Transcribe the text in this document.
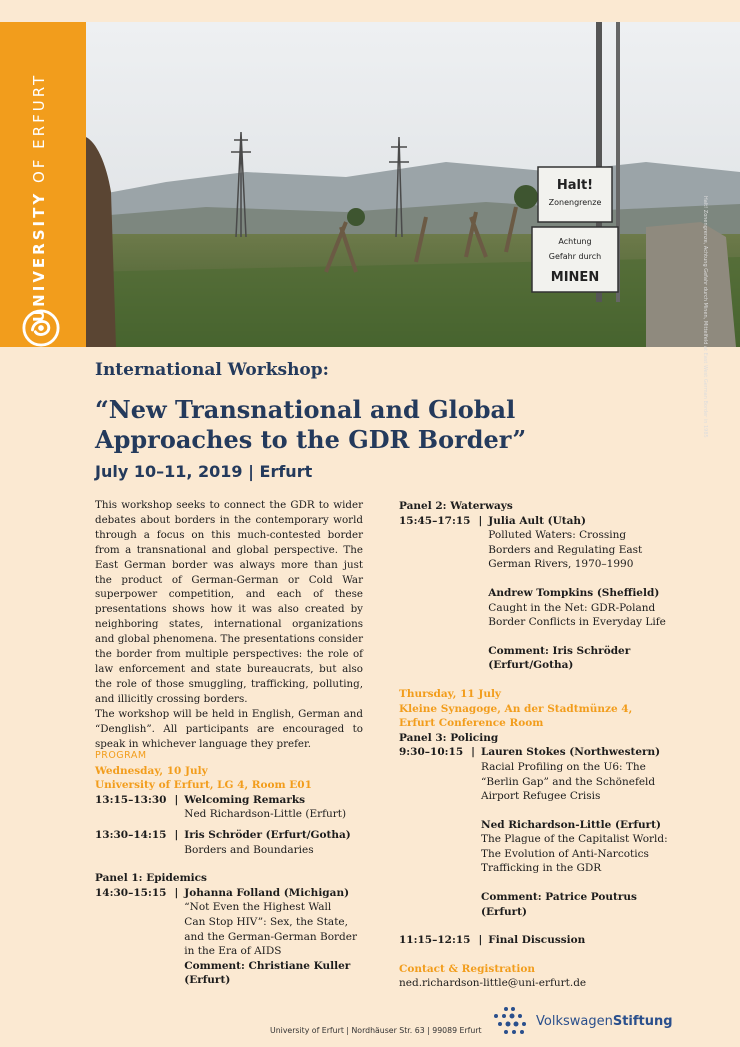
UNIVERSITY OF ERFURT
Halt!
Zonengrenze
Achtung
Gefahr durch
MINEN	Halt! Zonengrenze, Achtung Gefahr durch Minen, Mittelfeld at East West German Border in 1985
International Workshop:
“New Transnational and Global
Approaches to the GDR Border”
July 10–11, 2019 | Erfurt

This workshop seeks to connect the GDR to wider debates about borders in the contemporary world through a focus on this much-contested border from a transnational and global perspective. The East German border was always more than just the product of German-German or Cold War superpower competition, and each of these presentations shows how it was also created by neighboring states, international organizations and global phenomena. The presentations consider the border from multiple perspectives: the role of law enforcement and state bureaucrats, but also the role of those smuggling, trafficking, polluting, and illicitly crossing borders.

The workshop will be held in English, German and “Denglish”. All participants are encouraged to speak in whichever language they prefer.

PROGRAM
Wednesday, 10 July
University of Erfurt, LG 4, Room E01
13:15–13:30 | Welcoming Remarks
Ned Richardson-Little (Erfurt)
13:30–14:15 | Iris Schröder (Erfurt/Gotha)
Borders and Boundaries
Panel 1: Epidemics
14:30–15:15 | Johanna Folland (Michigan)
“Not Even the Highest Wall
Can Stop HIV”: Sex, the State,
and the German-German Border
in the Era of AIDS
Comment: Christiane Kuller
(Erfurt)
Panel 2: Waterways
15:45–17:15 | Julia Ault (Utah)
Polluted Waters: Crossing
Borders and Regulating East
German Rivers, 1970–1990
Andrew Tompkins (Sheffield)
Caught in the Net: GDR-Poland
Border Conflicts in Everyday Life
Comment: Iris Schröder
(Erfurt/Gotha)
Thursday, 11 July
Kleine Synagoge, An der Stadtmünze 4,
Erfurt Conference Room
Panel 3: Policing
9:30–10:15 | Lauren Stokes (Northwestern)
Racial Profiling on the U6: The
“Berlin Gap” and the Schönefeld
Airport Refugee Crisis
Ned Richardson-Little (Erfurt)
The Plague of the Capitalist World:
The Evolution of Anti-Narcotics
Trafficking in the GDR
Comment: Patrice Poutrus
(Erfurt)
11:15–12:15 | Final Discussion
Contact & Registration
ned.richardson-little@uni-erfurt.de
University of Erfurt | Nordhäuser Str. 63 | 99089 Erfurt
VolkswagenStiftung
